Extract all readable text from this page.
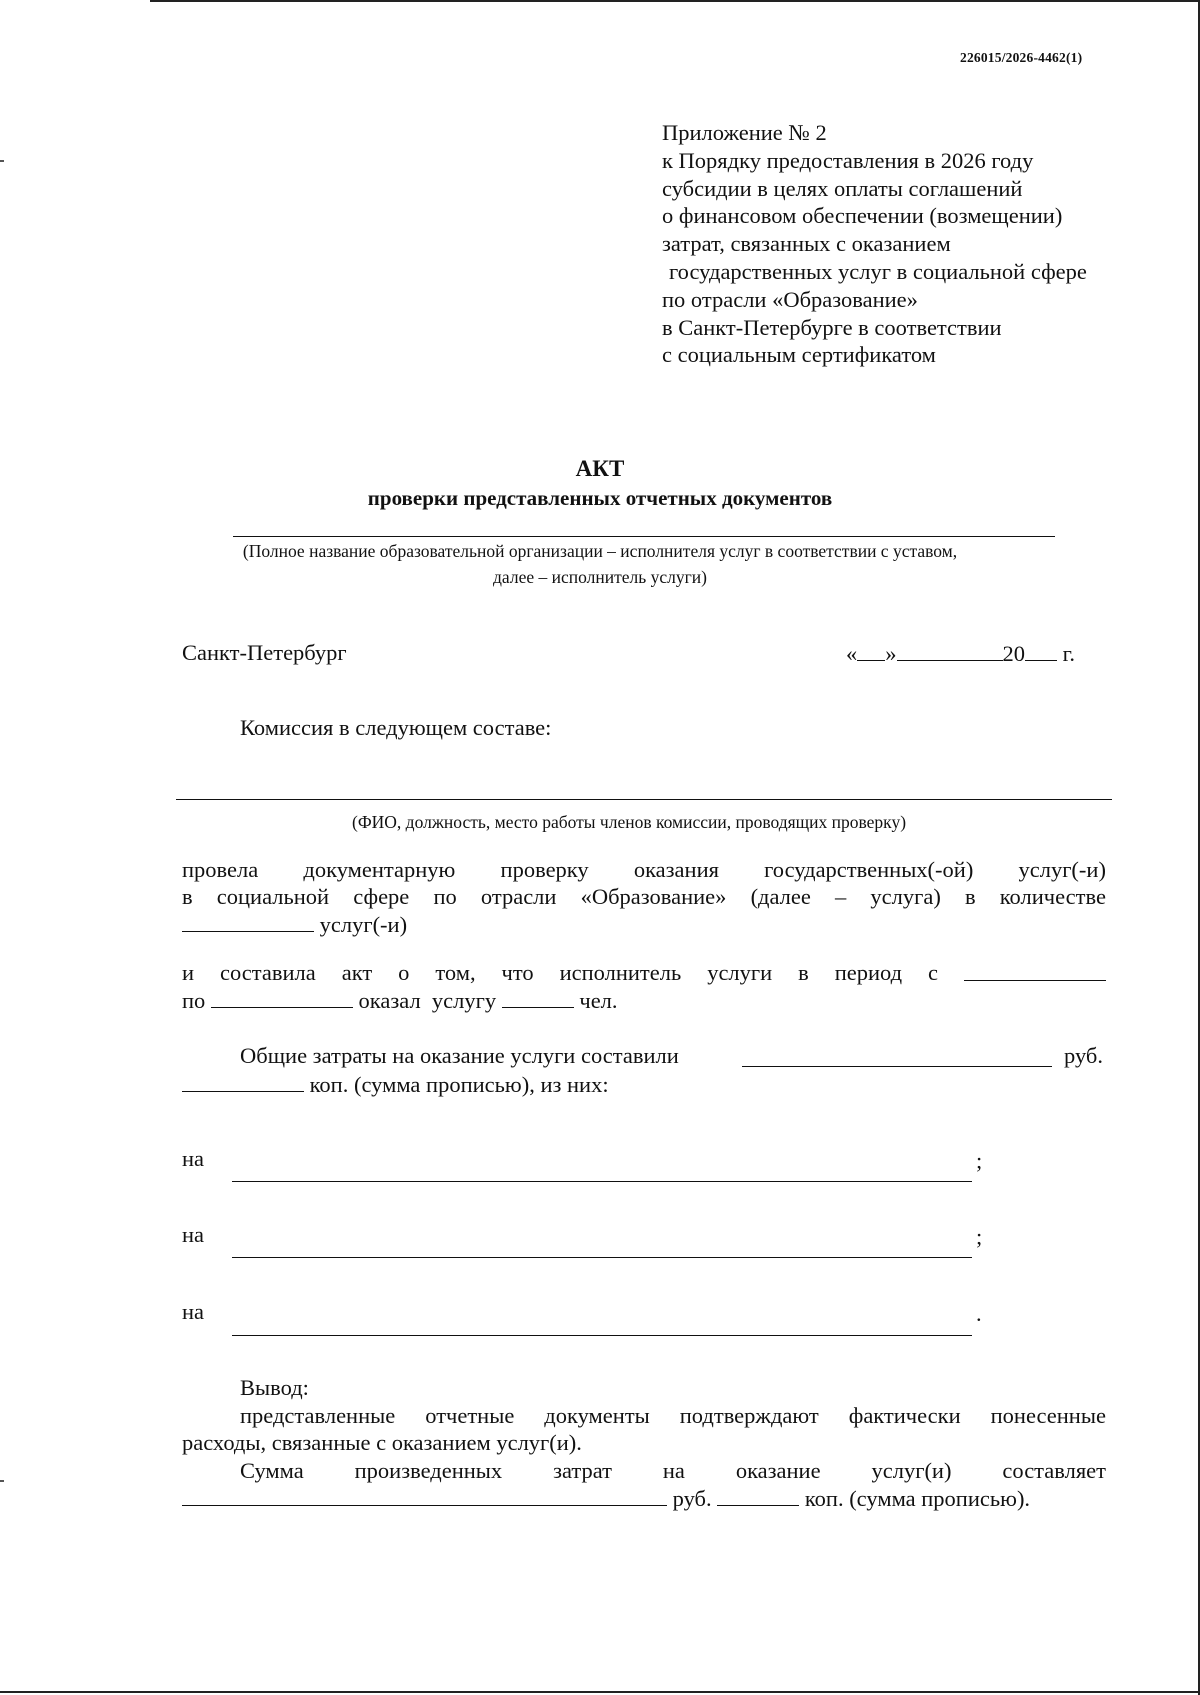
226015/2026-4462(1)
Приложение № 2
к Порядку предоставления в 2026 году
субсидии в целях оплаты соглашений
о финансовом обеспечении (возмещении)
затрат, связанных с оказанием
государственных услуг в социальной сфере
по отрасли «Образование»
в Санкт-Петербурге в соответствии
с социальным сертификатом
АКТ
проверки представленных отчетных документов
(Полное название образовательной организации – исполнителя услуг в соответствии с уставом,
далее – исполнитель услуги)
Санкт-Петербург	« »	20 г.
Комиссия в следующем составе:
(ФИО, должность, место работы членов комиссии, проводящих проверку)
провела документарную проверку оказания государственных(-ой) услуг(-и)
в социальной сфере по отрасли «Образование» (далее – услуга) в количестве
услуг(-и)
и составила акт о том, что исполнитель услуги в период с
по	оказал  услугу	чел.
Общие затраты на оказание услуги составили	руб.
коп. (сумма прописью), из них:
на	;
на	;
на	.
Вывод:
представленные отчетные документы подтверждают фактически понесенные
расходы, связанные с оказанием услуг(и).
Сумма произведенных затрат на оказание услуг(и) составляет
руб.	коп. (сумма прописью).
